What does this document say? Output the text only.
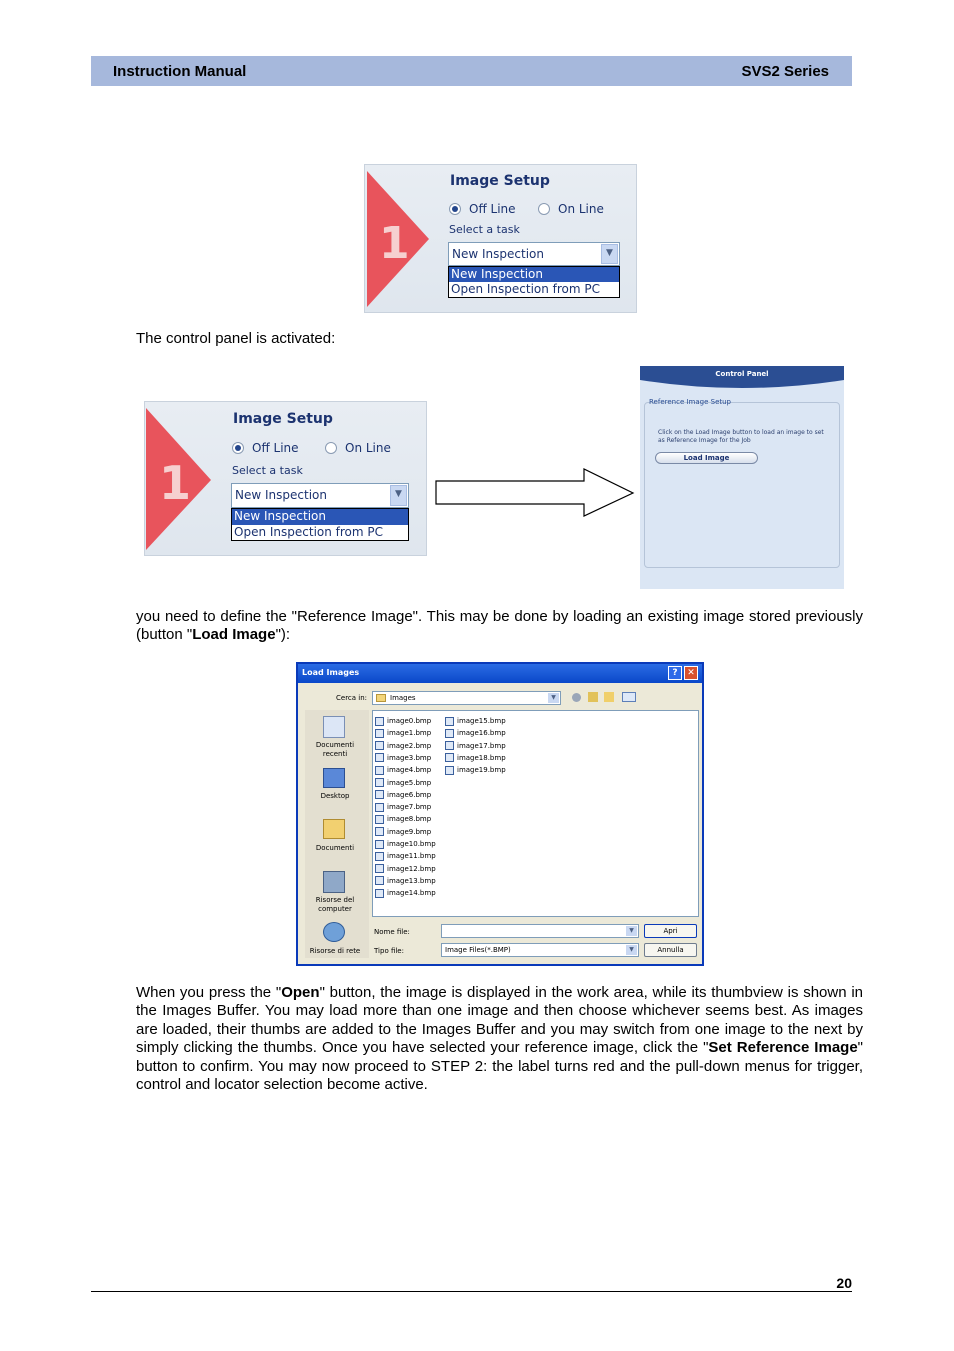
Instruction Manual	SVS2 Series
1
Image Setup
Off Line	On Line
Select a task
New Inspection	▼
New Inspection
Open Inspection from PC
The control panel is activated:
1
Image Setup
Off Line	On Line
Select a task
New Inspection	▼
New Inspection
Open Inspection from PC
Control Panel
Reference Image Setup
Click on the Load Image button to load an image to set as Reference Image for the Job
Load Image
you need to define the "Reference Image". This may be done by loading an existing image stored previously (button "Load Image"):
Load Images	?	✕
Cerca in:	Images	▼
Documenti recenti
Desktop
Documenti
Risorse del computer
Risorse di rete
image0.bmp
image1.bmp
image2.bmp
image3.bmp
image4.bmp
image5.bmp
image6.bmp
image7.bmp
image8.bmp
image9.bmp
image10.bmp
image11.bmp
image12.bmp
image13.bmp
image14.bmp
image15.bmp
image16.bmp
image17.bmp
image18.bmp
image19.bmp
Nome file:	▼	Apri
Tipo file:	Image Files(*.BMP)	▼	Annulla
When you press the "Open" button, the image is displayed in the work area, while its thumbview is shown in the Images Buffer. You may load more than one image and then choose whichever seems best. As images are loaded, their thumbs are added to the Images Buffer and you may switch from one image to the next by simply clicking the thumbs. Once you have selected your reference image, click the "Set Reference Image" button to confirm. You may now proceed to STEP 2: the label turns red and the pull-down menus for trigger, control and locator selection become active.
20
